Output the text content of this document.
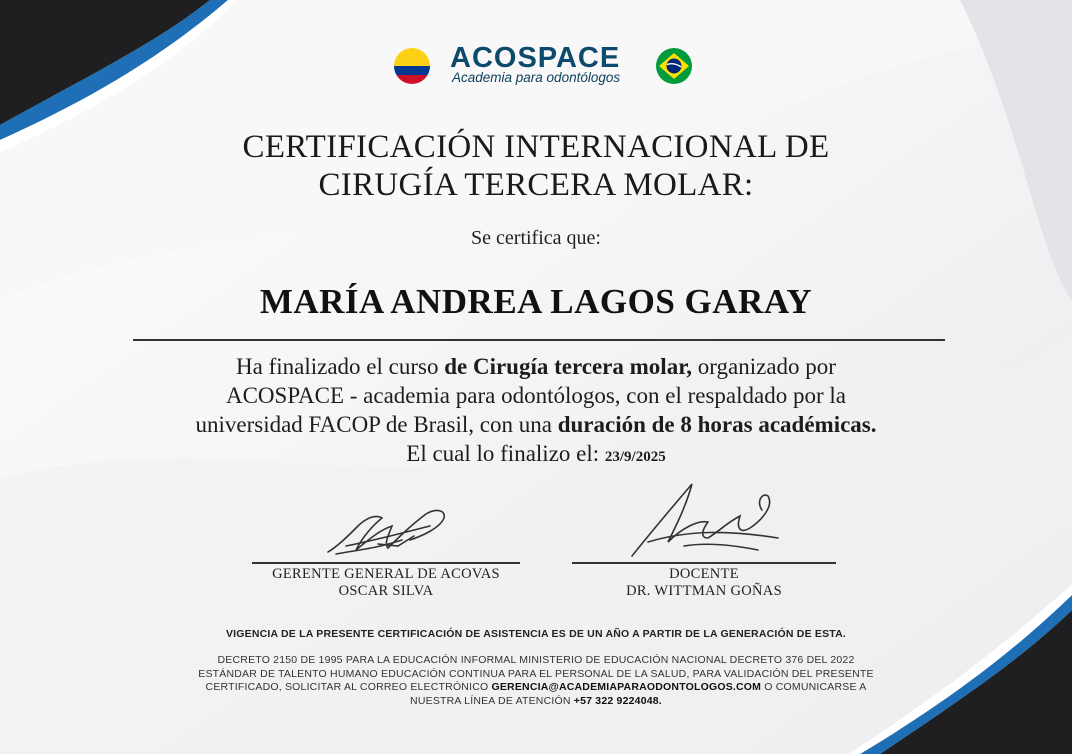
ACOSPACE
Academia para odontólogos
CERTIFICACIÓN INTERNACIONAL DE
CIRUGÍA TERCERA MOLAR:
Se certifica que:
MARÍA ANDREA LAGOS GARAY
Ha finalizado el curso de Cirugía tercera molar, organizado por
ACOSPACE - academia para odontólogos, con el respaldado por la
universidad FACOP de Brasil, con una duración de 8 horas académicas.
El cual lo finalizo el: 23/9/2025
GERENTE GENERAL DE ACOVAS
OSCAR SILVA
DOCENTE
DR. WITTMAN GOÑAS
VIGENCIA DE LA PRESENTE CERTIFICACIÓN DE ASISTENCIA ES DE UN AÑO A PARTIR DE LA GENERACIÓN DE ESTA.
DECRETO 2150 DE 1995 PARA LA EDUCACIÓN INFORMAL MINISTERIO DE EDUCACIÓN NACIONAL DECRETO 376 DEL 2022
ESTÁNDAR DE TALENTO HUMANO EDUCACIÓN CONTINUA PARA EL PERSONAL DE LA SALUD, PARA VALIDACIÓN DEL PRESENTE
CERTIFICADO, SOLICITAR AL CORREO ELECTRÓNICO GERENCIA@ACADEMIAPARAODONTOLOGOS.COM O COMUNICARSE A
NUESTRA LÍNEA DE ATENCIÓN +57 322 9224048.
